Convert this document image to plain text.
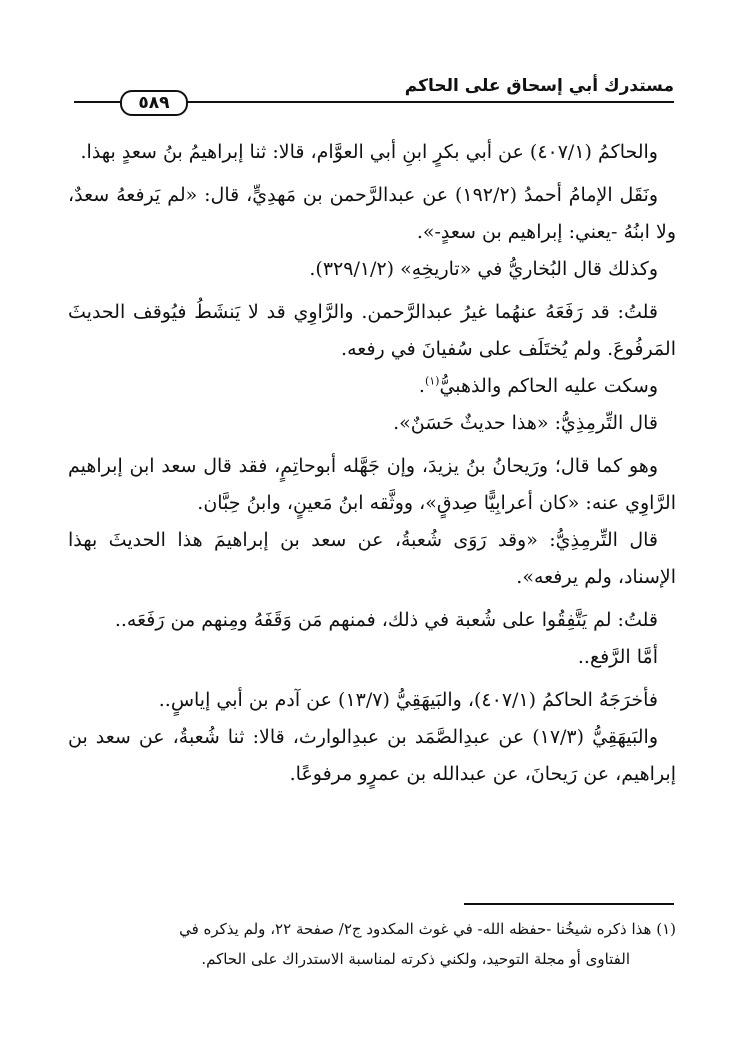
مستدرك أبي إسحاق على الحاكم
٥٨٩

والحاكمُ (٤٠٧/١) عن أبي بكرٍ ابنِ أبي العوَّام، قالا: ثنا إبراهيمُ بنُ سعدٍ بهذا.

ونَقَل الإمامُ أحمدُ (١٩٢/٢) عن عبدالرَّحمن بن مَهدِيٍّ، قال: «لم يَرفعهُ سعدٌ، ولا ابنُهُ -يعني: إبراهيم بن سعدٍ-».

وكذلك قال البُخاريُّ في «تاريخِهِ» (٣٢٩/١/٢).

قلتُ: قد رَفَعَهُ عنهُما غيرُ عبدالرَّحمن. والرَّاوِي قد لا يَنشَطُ فيُوقف الحديثَ المَرفُوعَ. ولم يُختَلَف على سُفيانَ في رفعه.

وسكت عليه الحاكم والذهبيُّ$^{(١)}$.

قال التِّرمِذِيُّ: «هذا حديثٌ حَسَنٌ».

وهو كما قال؛ ورَيحانُ بنُ يزيدَ، وإن جَهَّله أبوحاتِمٍ، فقد قال سعد ابن إبراهيم الرَّاوِي عنه: «كان أعرابِيًّا صِدقٍ»، ووثَّقه ابنُ مَعينٍ، وابنُ حِبَّان.

قال التِّرمِذِيُّ: «وقد رَوَى شُعبةُ، عن سعد بن إبراهيمَ هذا الحديثَ بهذا الإسناد، ولم يرفعه».

قلتُ: لم يَتَّفِقُوا على شُعبة في ذلك، فمنهم مَن وَقَفَهُ ومِنهم من رَفَعَه..

أمَّا الرَّفع..

فأخرَجَهُ الحاكمُ (٤٠٧/١)، والبَيهَقِيُّ (١٣/٧) عن آدم بن أبي إياسٍ..

والبَيهَقِيُّ (١٧/٣) عن عبدِالصَّمَد بن عبدِالوارث، قالا: ثنا شُعبةُ، عن سعد بن إبراهيم، عن رَيحانَ، عن عبدالله بن عمرٍو مرفوعًا.

(١) هذا ذكره شيخُنا -حفظه الله- في غوث المكدود ج٢/ صفحة ٢٢، ولم يذكره في

الفتاوى أو مجلة التوحيد، ولكني ذكرته لمناسبة الاستدراك على الحاكم.
